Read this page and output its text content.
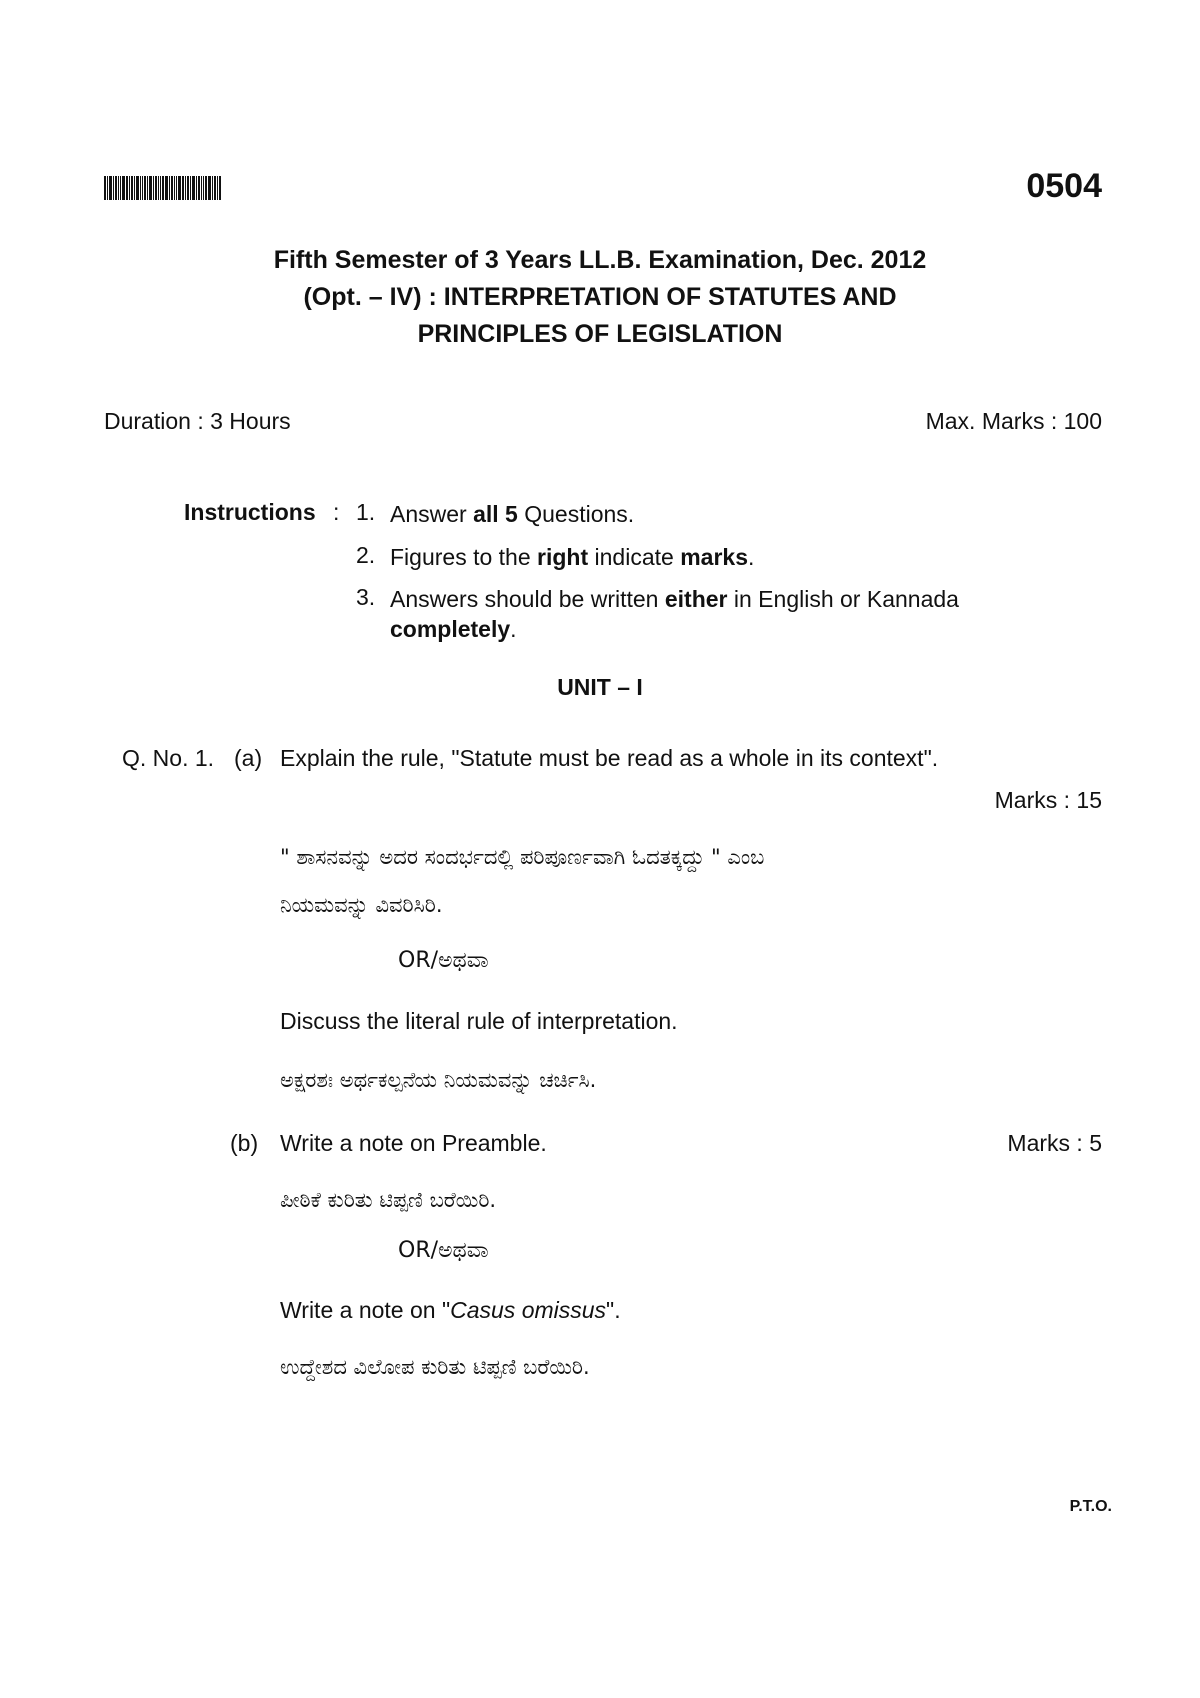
0504
Fifth Semester of 3 Years LL.B. Examination, Dec. 2012
(Opt. – IV) : INTERPRETATION OF STATUTES AND
PRINCIPLES OF LEGISLATION
Duration : 3 Hours	Max. Marks : 100
Instructions : 1. Answer all 5 Questions.
2. Figures to the right indicate marks.
3. Answers should be written either in English or Kannada
completely.
UNIT – I
Q. No. 1. (a) Explain the rule, "Statute must be read as a whole in its context".
Marks : 15
" ಶಾಸನವನ್ನು ಅದರ ಸಂದರ್ಭದಲ್ಲಿ ಪರಿಪೂರ್ಣವಾಗಿ ಓದತಕ್ಕದ್ದು " ಎಂಬ
ನಿಯಮವನ್ನು ವಿವರಿಸಿರಿ.
OR/ಅಥವಾ
Discuss the literal rule of interpretation.
ಅಕ್ಷರಶಃ ಅರ್ಥಕಲ್ಪನೆಯ ನಿಯಮವನ್ನು ಚರ್ಚಿಸಿ.
(b) Write a note on Preamble.	Marks : 5
ಪೀಠಿಕೆ ಕುರಿತು ಟಿಪ್ಪಣಿ ಬರೆಯಿರಿ.
OR/ಅಥವಾ
Write a note on "Casus omissus".
ಉದ್ದೇಶದ ವಿಲೋಪ ಕುರಿತು ಟಿಪ್ಪಣಿ ಬರೆಯಿರಿ.
P.T.O.
